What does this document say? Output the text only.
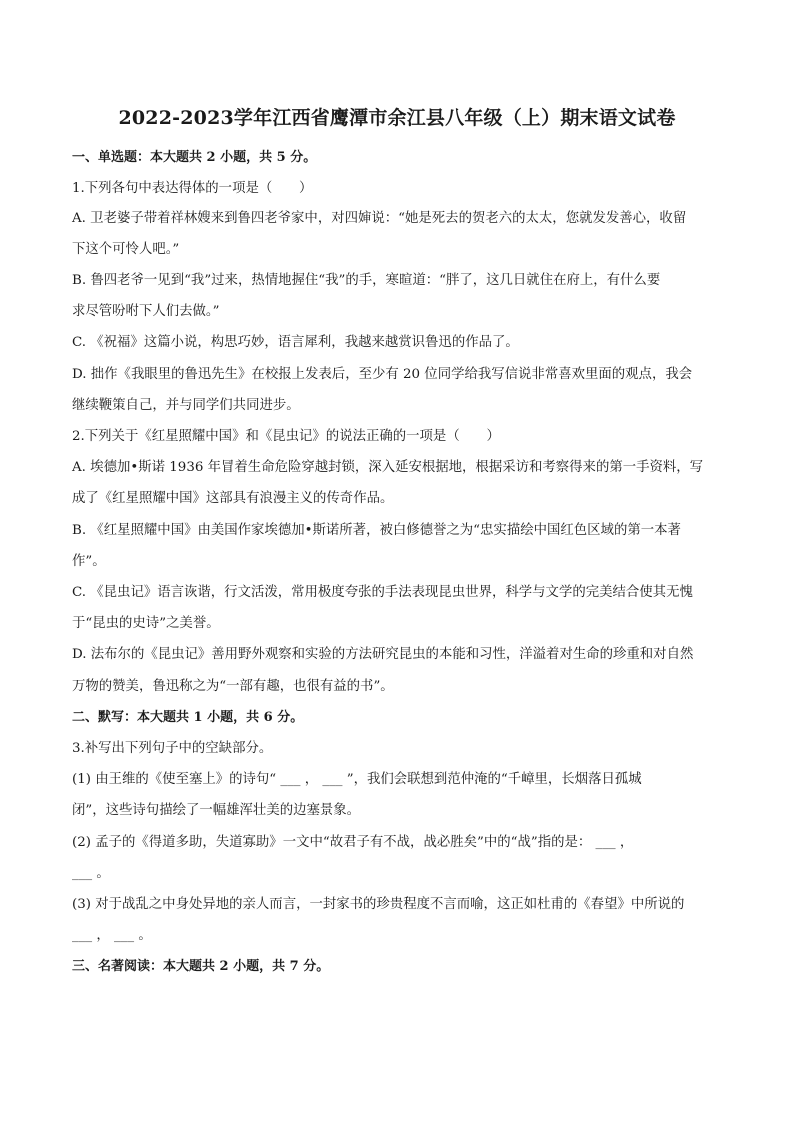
2022-2023学年江西省鹰潭市余江县八年级（上）期末语文试卷
一、单选题：本大题共 2 小题，共 5 分。
1.下列各句中表达得体的一项是（　　）
A. 卫老婆子带着祥林嫂来到鲁四老爷家中，对四婶说：“她是死去的贺老六的太太，您就发发善心，收留
下这个可怜人吧。”
B. 鲁四老爷一见到“我”过来，热情地握住“我”的手，寒暄道：“胖了，这几日就住在府上，有什么要
求尽管吩咐下人们去做。”
C. 《祝福》这篇小说，构思巧妙，语言犀利，我越来越赏识鲁迅的作品了。
D. 拙作《我眼里的鲁迅先生》在校报上发表后，至少有 20 位同学给我写信说非常喜欢里面的观点，我会
继续鞭策自己，并与同学们共同进步。
2.下列关于《红星照耀中国》和《昆虫记》的说法正确的一项是（　　）
A. 埃德加•斯诺 1936 年冒着生命危险穿越封锁，深入延安根据地，根据采访和考察得来的第一手资料，写
成了《红星照耀中国》这部具有浪漫主义的传奇作品。
B. 《红星照耀中国》由美国作家埃德加•斯诺所著，被白修德誉之为“忠实描绘中国红色区域的第一本著
作”。
C. 《昆虫记》语言诙谐，行文活泼，常用极度夸张的手法表现昆虫世界，科学与文学的完美结合使其无愧
于“昆虫的史诗”之美誉。
D. 法布尔的《昆虫记》善用野外观察和实验的方法研究昆虫的本能和习性，洋溢着对生命的珍重和对自然
万物的赞美，鲁迅称之为“一部有趣，也很有益的书”。
二、默写：本大题共 1 小题，共 6 分。
3.补写出下列句子中的空缺部分。
(1) 由王维的《使至塞上》的诗句“ ___ ， ___ ”，我们会联想到范仲淹的“千嶂里，长烟落日孤城
闭”，这些诗句描绘了一幅雄浑壮美的边塞景象。
(2) 孟子的《得道多助，失道寡助》一文中“故君子有不战，战必胜矣”中的“战”指的是： ___ ，
___ 。
(3) 对于战乱之中身处异地的亲人而言，一封家书的珍贵程度不言而喻，这正如杜甫的《春望》中所说的
___ ， ___ 。
三、名著阅读：本大题共 2 小题，共 7 分。
